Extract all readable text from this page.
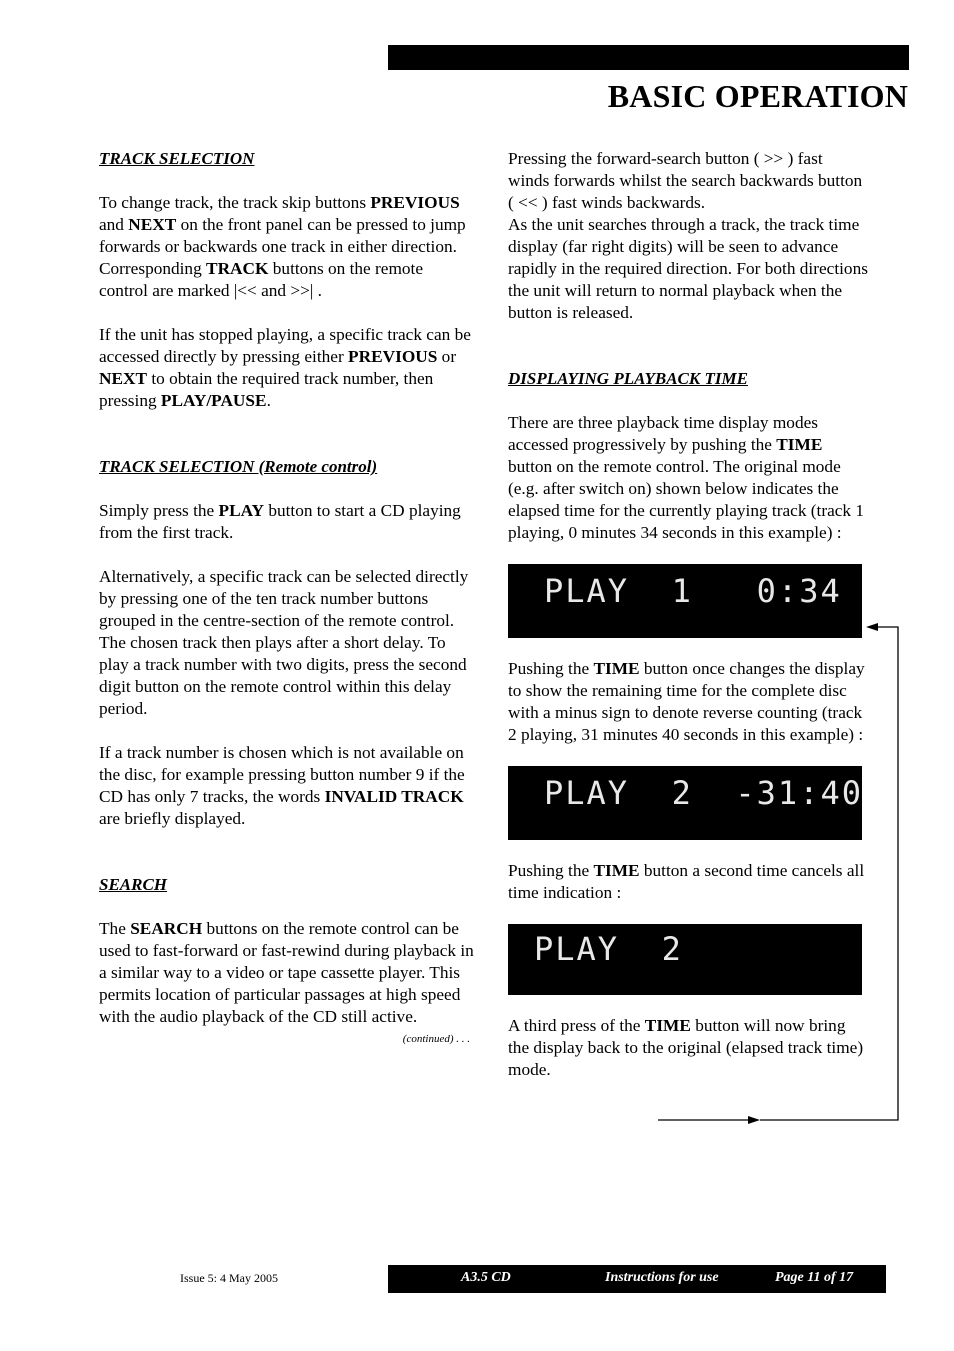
BASIC OPERATION

TRACK SELECTION

To change track, the track skip buttons PREVIOUS and NEXT on the front panel can be pressed to jump forwards or backwards one track in either direction.

Corresponding TRACK buttons on the remote control are marked |<< and >>| .

If the unit has stopped playing, a specific track can be accessed directly by pressing either PREVIOUS or NEXT to obtain the required track number, then pressing PLAY/PAUSE.

TRACK SELECTION (Remote control)

Simply press the PLAY button to start a CD playing from the first track.

Alternatively, a specific track can be selected directly by pressing one of the ten track number buttons grouped in the centre-section of the remote control. The chosen track then plays after a short delay. To play a track number with two digits, press the second digit button on the remote control within this delay period.

If a track number is chosen which is not available on the disc, for example pressing button number 9 if the CD has only 7 tracks, the words INVALID TRACK are briefly displayed.

SEARCH

The SEARCH buttons on the remote control can be used to fast-forward or fast-rewind during playback in a similar way to a video or tape cassette player. This permits location of particular passages at high speed with the audio playback of the CD still active.

(continued) . . .

Pressing the forward-search button ( >> ) fast winds forwards whilst the search backwards button ( << ) fast winds backwards.

As the unit searches through a track, the track time display (far right digits) will be seen to advance rapidly in the required direction. For both directions the unit will return to normal playback when the button is released.

DISPLAYING PLAYBACK TIME

There are three playback time display modes accessed progressively by pushing the TIME button on the remote control. The original mode (e.g. after switch on) shown below indicates the elapsed time for the currently playing track (track 1 playing, 0 minutes 34 seconds in this example) :

PLAY  1   0:34

Pushing the TIME button once changes the display to show the remaining time for the complete disc with a minus sign to denote reverse counting (track 2 playing, 31 minutes 40 seconds in this example) :

PLAY  2  -31:40

Pushing the TIME button a second time cancels all time indication :

PLAY  2

A third press of the TIME button will now bring the display back to the original (elapsed track time) mode.

Issue 5: 4 May 2005	A3.5 CD	Instructions for use	Page 11 of 17
